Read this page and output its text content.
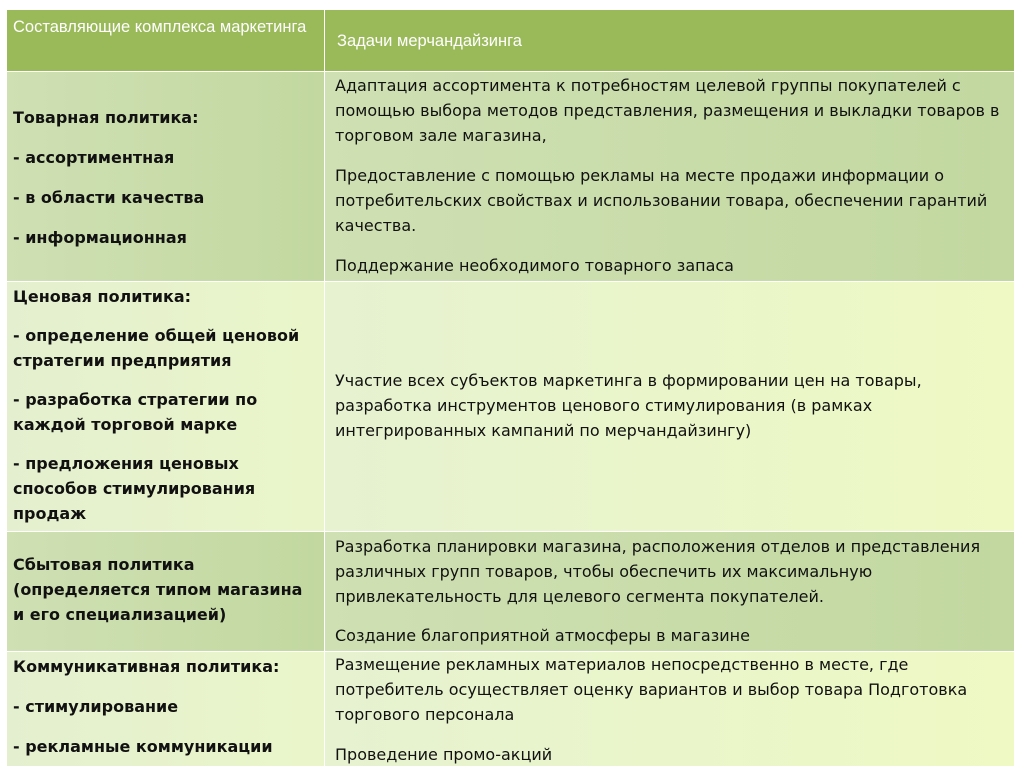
Составляющие комплекса маркетинга
Задачи мерчандайзинга

Товарная политика:

- ассортиментная

- в области качества

- информационная

Адаптация ассортимента к потребностям целевой группы покупателей с помощью выбора методов представления, размещения и выкладки товаров в торговом зале магазина,

Предоставление с помощью рекламы на месте продажи информации о потребительских свойствах и использовании товара, обеспечении гарантий качества.

Поддержание необходимого товарного запаса

Ценовая политика:

- определение общей ценовой стратегии предприятия

- разработка стратегии по каждой торговой марке

- предложения ценовых способов стимулирования продаж

Участие всех субъектов маркетинга в формировании цен на товары, разработка инструментов ценового стимулирования (в рамках интегрированных кампаний по мерчандайзингу)

Сбытовая политика (определяется типом магазина и его специализацией)

Разработка планировки магазина, расположения отделов и представления различных групп товаров, чтобы обеспечить их максимальную привлекательность для целевого сегмента покупателей.

Создание благоприятной атмосферы в магазине

Коммуникативная политика:

- стимулирование

- рекламные коммуникации

Размещение рекламных материалов непосредственно в месте, где потребитель осуществляет оценку вариантов и выбор товара Подготовка торгового персонала

Проведение промо-акций
